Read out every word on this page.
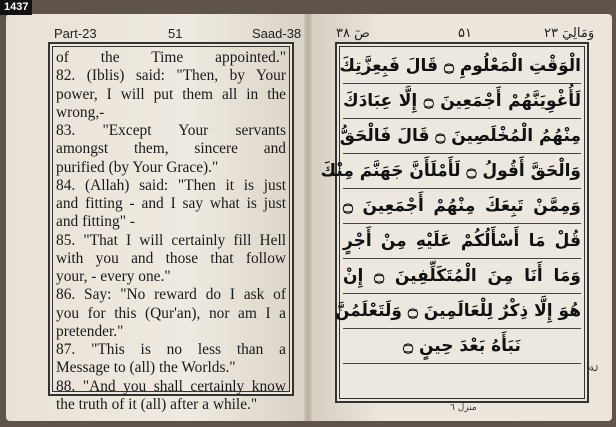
1437
Part-23	51	Saad-38	صٓ ۳۸	۵۱	وَمَالِيَ ۲۳
of the Time appointed."
82. (Iblis) said: "Then, by Your
power, I will put them all in the
wrong,-
83. "Except Your servants
amongst them, sincere and
purified (by Your Grace)."
84. (Allah) said: "Then it is just
and fitting - and I say what is just
and fitting" -
85. "That I will certainly fill Hell
with you and those that follow
your, - every one."
86. Say: "No reward do I ask of
you for this (Qur'an), nor am I a
pretender."
87. "This is no less than a
Message to (all) the Worlds."
88. "And you shall certainly know
the truth of it (all) after a while."
الْوَقْتِ الْمَعْلُومِ ۝ قَالَ فَبِعِزَّتِكَ
لَأُغْوِيَنَّهُمْ أَجْمَعِينَ ۝ إِلَّا عِبَادَكَ
مِنْهُمُ الْمُخْلَصِينَ ۝ قَالَ فَالْحَقُّ
وَالْحَقَّ أَقُولُ ۝ لَأَمْلَأَنَّ جَهَنَّمَ مِنْكَ
وَمِمَّنْ تَبِعَكَ مِنْهُمْ أَجْمَعِينَ ۝
قُلْ مَا أَسْأَلُكُمْ عَلَيْهِ مِنْ أَجْرٍ
وَمَا أَنَا مِنَ الْمُتَكَلِّفِينَ ۝ إِنْ
هُوَ إِلَّا ذِكْرٌ لِلْعَالَمِينَ ۝ وَلَتَعْلَمُنَّ
نَبَأَهُ بَعْدَ حِينٍ ۝
منزل ٦
ع
